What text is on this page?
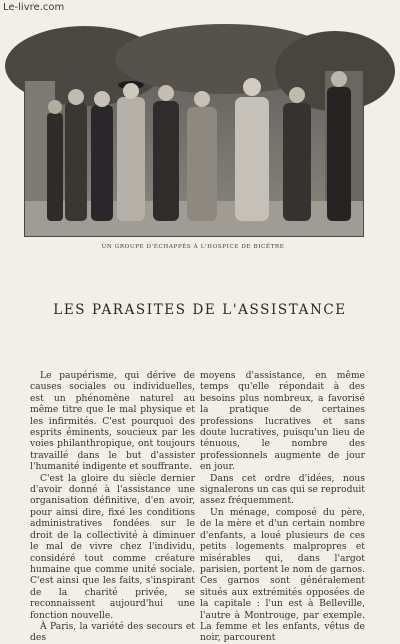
Le-livre.com
UN GROUPE D'ÉCHAPPÉS À L'HOSPICE DE BICÊTRE
LES PARASITES DE L'ASSISTANCE

Le paupérisme, qui dérive de causes sociales ou individuelles, est un phénomène naturel au même titre que le mal physique et les infirmités. C'est pourquoi des esprits éminents, soucieux par les voies philanthropique, ont toujours travaillé dans le but d'assister l'humanité indigente et souffrante.

C'est la gloire du siècle dernier d'avoir donné à l'assistance une organisation définitive, d'en avoir, pour ainsi dire, fixé les conditions administratives fondées sur le droit de la collectivité à diminuer le mal de vivre chez l'individu, considéré tout comme créature humaine que comme unité sociale. C'est ainsi que les faits, s'inspirant de la charité privée, se reconnaissent aujourd'hui une fonction nouvelle.

À Paris, la variété des secours et des

moyens d'assistance, en même temps qu'elle répondait à des besoins plus nombreux, a favorisé la pratique de certaines professions lucratives et sans doute lucratives, puisqu'un lieu de ténuous, le nombre des professionnels augmente de jour en jour.

Dans cet ordre d'idées, nous signalerons un cas qui se reproduit assez fréquemment.

Un ménage, composé du père, de la mère et d'un certain nombre d'enfants, a loué plusieurs de ces petits logements malpropres et misérables qui, dans l'argot parisien, portent le nom de garnos. Ces garnos sont généralement situés aux extrémités opposées de la capitale : l'un est à Belleville, l'autre à Montrouge, par exemple. La femme et les enfants, vêtus de noir, parcourent
